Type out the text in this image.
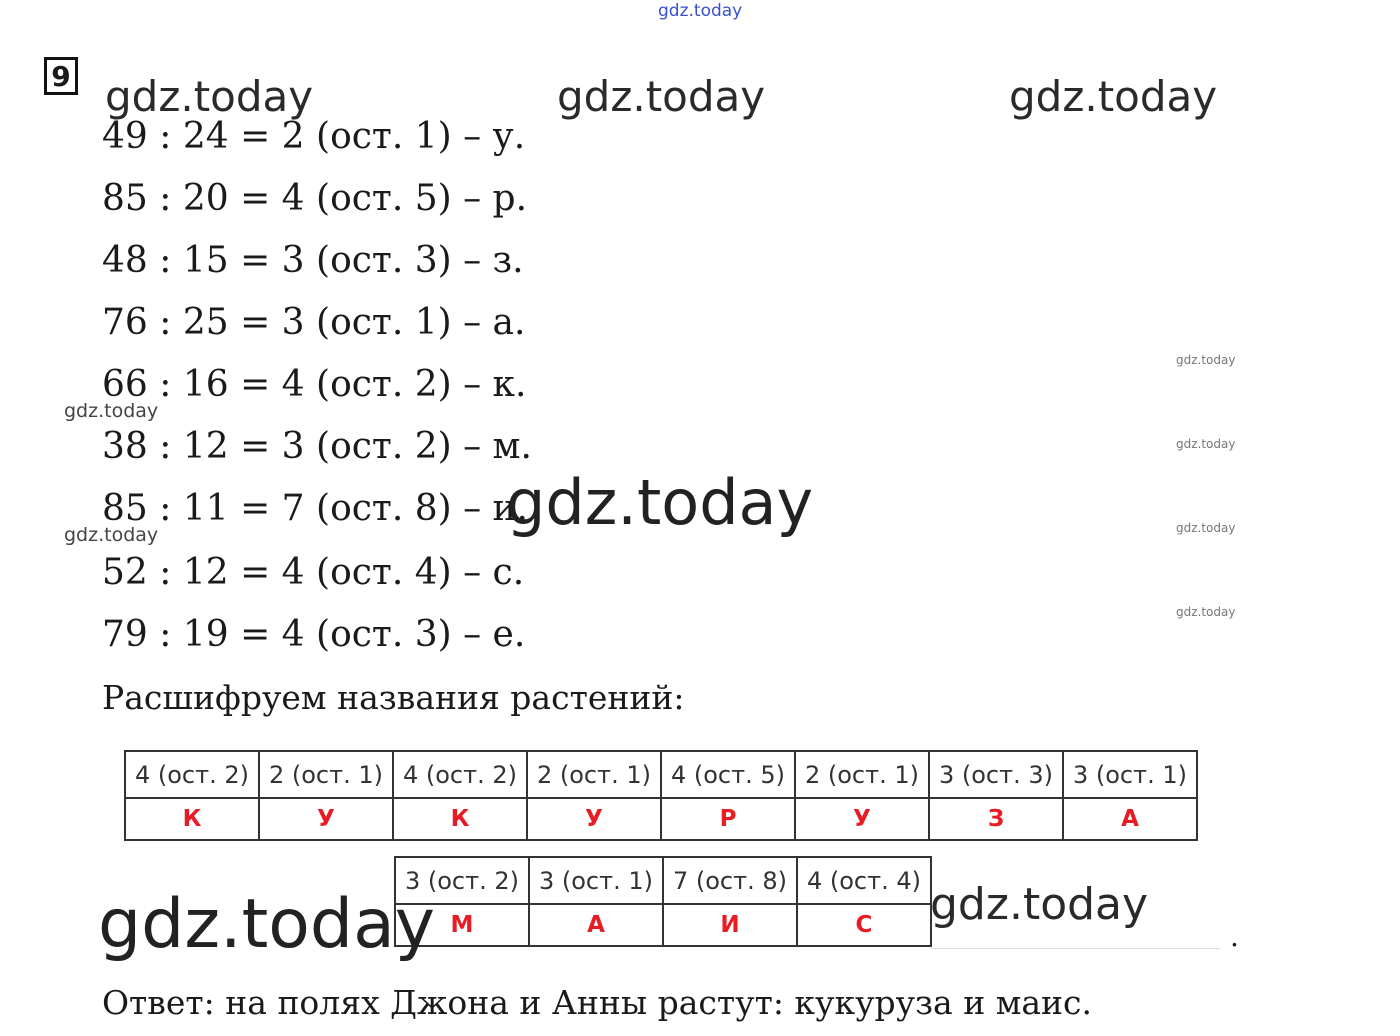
gdz.today
9 gdz.today	gdz.today	gdz.today
49 : 24 = 2 (ост. 1) – у.
85 : 20 = 4 (ост. 5) – р.
48 : 15 = 3 (ост. 3) – з.
76 : 25 = 3 (ост. 1) – а.
66 : 16 = 4 (ост. 2) – к.
38 : 12 = 3 (ост. 2) – м.
85 : 11 = 7 (ост. 8) – и.
52 : 12 = 4 (ост. 4) – с.
79 : 19 = 4 (ост. 3) – е.
gdz.today
gdz.today
gdz.today
gdz.today
gdz.today
gdz.today
gdz.today
Расшифруем названия растений:
4 (ост. 2)	2 (ост. 1)	4 (ост. 2)	2 (ост. 1)	4 (ост. 5)	2 (ост. 1)	3 (ост. 3)	3 (ост. 1)
К	У	К	У	Р	У	З	А
3 (ост. 2)	3 (ост. 1)	7 (ост. 8)	4 (ост. 4)
М	А	И	С
gdz.today	gdz.today
.
Ответ: на полях Джона и Анны растут: кукуруза и маис.
